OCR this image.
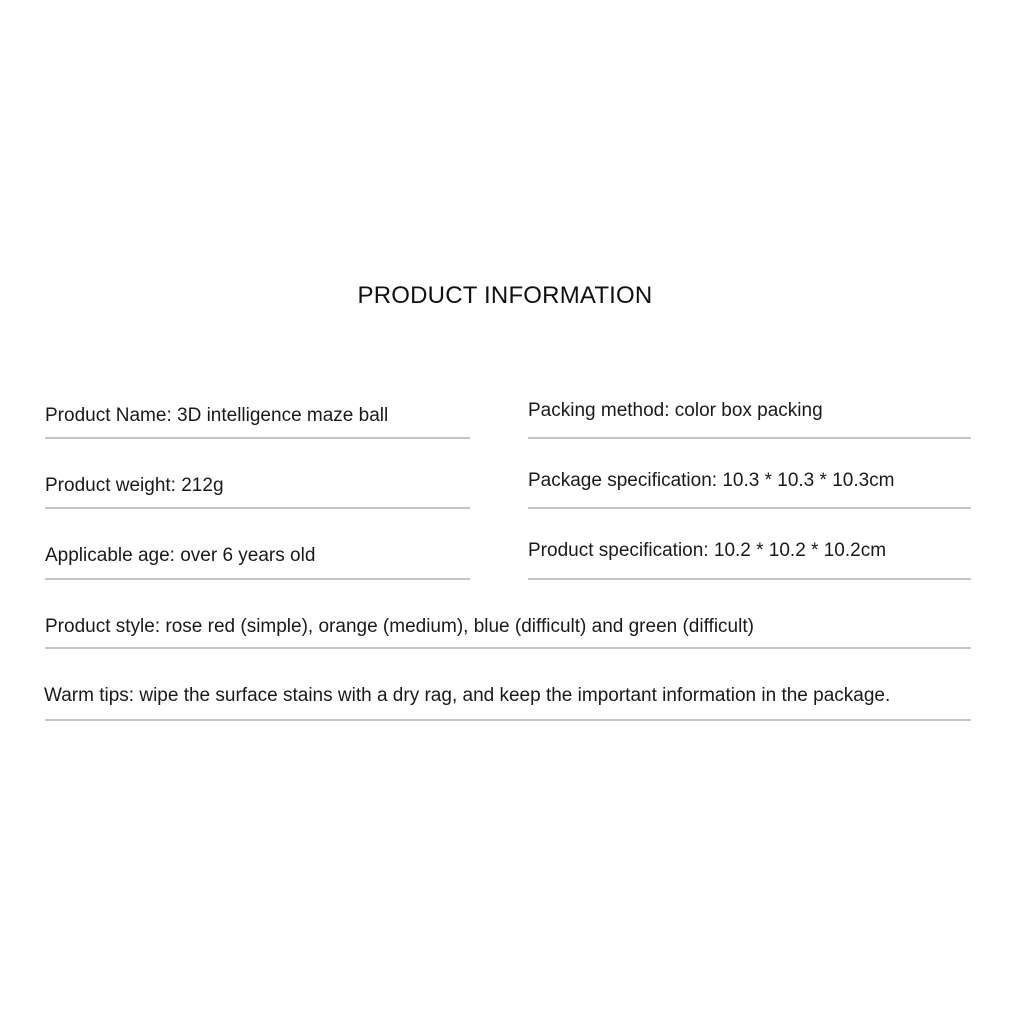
PRODUCT INFORMATION
Product Name: 3D intelligence maze ball	Packing method: color box packing
Product weight: 212g	Package specification: 10.3 * 10.3 * 10.3cm
Applicable age: over 6 years old	Product specification: 10.2 * 10.2 * 10.2cm
Product style: rose red (simple), orange (medium), blue (difficult) and green (difficult)
Warm tips: wipe the surface stains with a dry rag, and keep the important information in the package.
